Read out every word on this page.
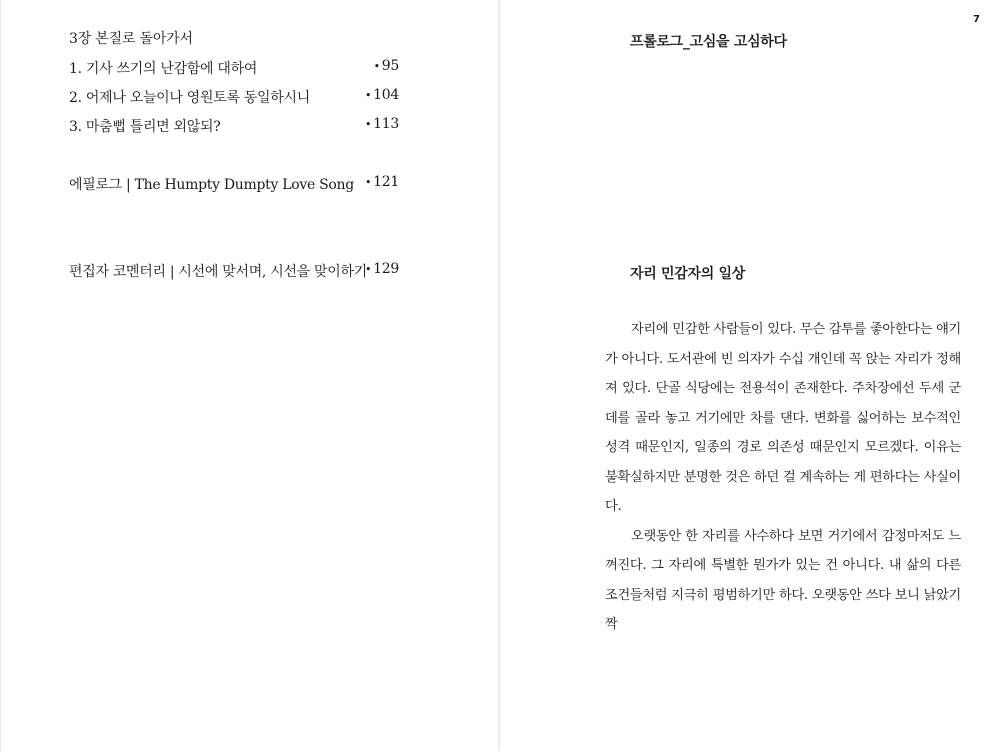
3장 본질로 돌아가서
1. 기사 쓰기의 난감함에 대하여	• 95
2. 어제나 오늘이나 영원토록 동일하시니	• 104
3. 마춤뻡 틀리면 외않되?	• 113
에필로그 | The Humpty Dumpty Love Song	• 121
편집자 코멘터리 | 시선에 맞서며, 시선을 맞이하기 • 129
7
프롤로그_고심을 고심하다
자리 민감자의 일상

자리에 민감한 사람들이 있다. 무슨 감투를 좋아한다는 얘기가 아니다. 도서관에 빈 의자가 수십 개인데 꼭 앉는 자리가 정해져 있다. 단골 식당에는 전용석이 존재한다. 주차장에선 두세 군데를 골라 놓고 거기에만 차를 댄다. 변화를 싫어하는 보수적인 성격 때문인지, 일종의 경로 의존성 때문인지 모르겠다. 이유는 불확실하지만 분명한 것은 하던 걸 계속하는 게 편하다는 사실이다.

오랫동안 한 자리를 사수하다 보면 거기에서 감정마저도 느껴진다. 그 자리에 특별한 뭔가가 있는 건 아니다. 내 삶의 다른 조건들처럼 지극히 평범하기만 하다. 오랫동안 쓰다 보니 낡았기 짝
